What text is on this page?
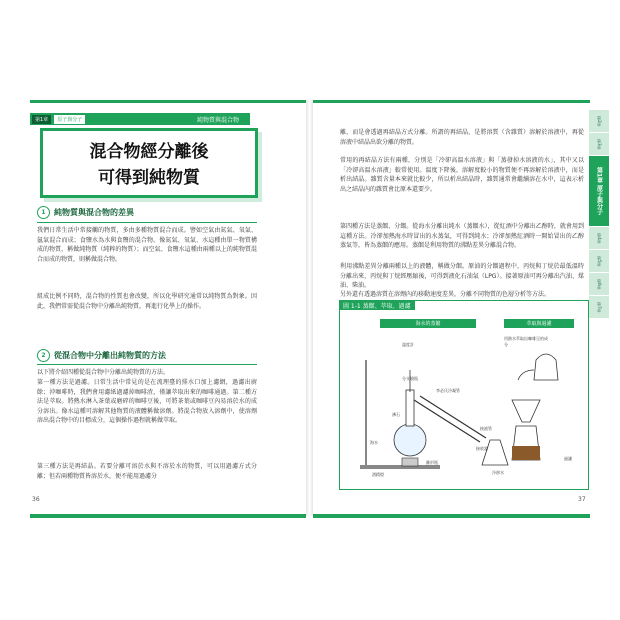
第1章	原子與分子	純物質與混合物
混合物經分離後
可得到純物質
1	純物質與混合物的差異
我們日常生活中常接觸的物質，多由多種物質混合而成。譬如空氣由氮氣、氧氣、氬氣混合而成；食鹽水為水與食鹽的混合物。像氮氣、氧氣、水這種由單一物質構成的物質，稱做純物質（純粹的物質）；而空氣、食鹽水這種由兩種以上的純物質混合而成的物質，則稱做混合物。
組成比例不同時，混合物的性質也會改變，所以化學研究通常以純物質為對象。因此，我們常需從混合物中分離出純物質，再進行化學上的操作。
2	從混合物中分離出純物質的方法
以下將介紹四種從混合物中分離出純物質的方法。
第一種方法是過濾。日常生活中常見的是在流理臺的排水口加上濾網，過濾出廚餘；沖咖啡時，我們會用濾紙過濾掉咖啡渣，僅讓萃取出來的咖啡通過。第二種方法是萃取。將熱水淋入茶葉或磨碎的咖啡豆後，可將茶葉或咖啡豆內易溶於水的成分溶出。像水這種可溶解其他物質的液體稱做溶劑。將混合物放入溶劑中，使溶劑溶出混合物中的目標成分，這個操作過程就稱做萃取。
第三種方法是再結晶。若要分離可溶於水與不溶於水的物質，可以用過濾方式分離；但若兩種物質皆溶於水，便不能用過濾分
36
離，而是會透過再結晶方式分離。所謂的再結晶，是將溶質（含雜質）溶解於溶液中，再從溶液中結晶出欲分離的物質。
常用的再結晶方法有兩種，分別是「冷卻高溫水溶液」與「蒸發掉水溶液的水」，其中又以「冷卻高溫水溶液」較常使用。溫度下降後，溶解度較小的物質便不再溶解於溶液中，而是析出結晶。雜質含量本來就比較少，所以析出結晶時，雜質通常會繼續溶在水中，這表示析出之結晶內的雜質會比原本還要少。
第四種方法是蒸餾、分餾。從海水分離出純水（蒸餾水），從紅酒中分離出乙醇時，就會用到這種方法。冷卻加熱海水時冒出的水蒸氣，可得到純水；冷卻加熱紅酒時一開始冒出的乙醇蒸氣等，皆為蒸餾的應用。蒸餾是利用物質的沸點差異分離混合物。
利用沸點差異分離兩種以上的液體，稱做分餾。原油的分餾過程中，丙烷與丁烷於最低溫時分離出來，丙烷與丁烷經壓縮後，可得到液化石油氣（LPG）。接著原油可再分離出汽油、煤油、柴油。
另外還有透過溶質在溶劑內的移動速度差異，分離不同物質的色層分析等方法。
圖 1-1
蒸餾、萃取、過濾
海水的蒸餾	萃取與過濾
溫度計
分支燒瓶
李必氏冷凝管
沸石
海水
酒精燈
接收器
冷卻水
錐形瓶
接液管
用熱水萃取出咖啡豆的成分
過濾
37
第2章
第3章
第1章 原子與分子
第4章
第5章
第6章
第7章
